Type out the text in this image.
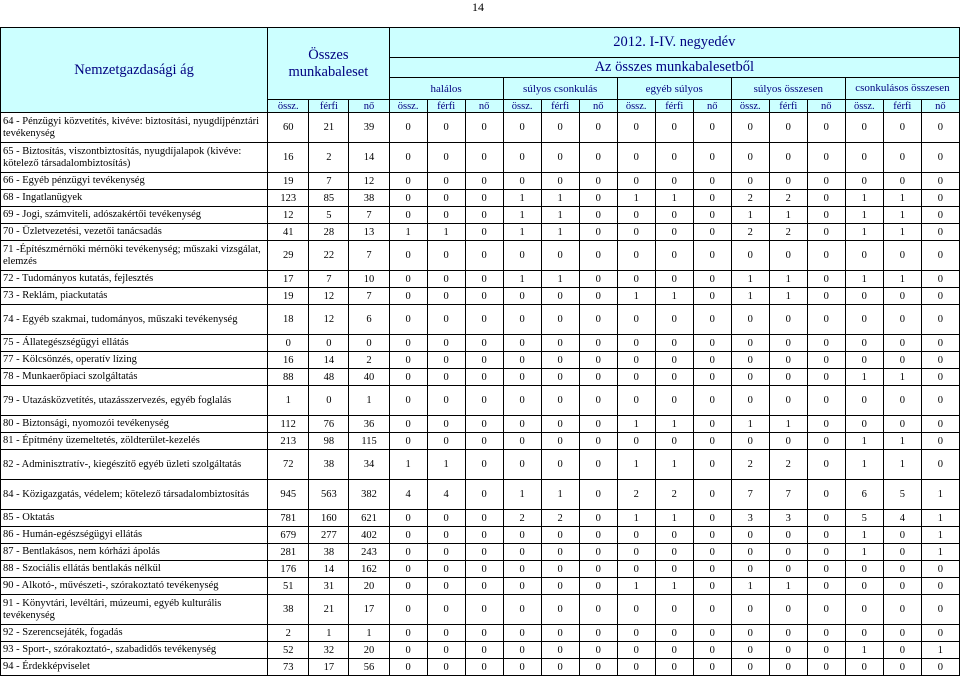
14
Nemzetgazdasági ág	Összes munkabaleset			2012. I-IV. negyedév														
				Az összes munkabalesetből														
				halálos			súlyos csonkulás			egyéb súlyos			súlyos összesen			csonkulásos összesen		
	össz.	férfi	nő	össz.	férfi	nő	össz.	férfi	nő	össz.	férfi	nő	össz.	férfi	nő	össz.	férfi	nő
64 - Pénzügyi közvetítés, kivéve: biztosítási, nyugdíjpénztári tevékenység	60	21	39	0	0	0	0	0	0	0	0	0	0	0	0	0	0	0
65 - Biztosítás, viszontbiztosítás, nyugdíjalapok (kivéve: kötelező társadalombiztosítás)	16	2	14	0	0	0	0	0	0	0	0	0	0	0	0	0	0	0
66 - Egyéb pénzügyi tevékenység	19	7	12	0	0	0	0	0	0	0	0	0	0	0	0	0	0	0
68 - Ingatlanügyek	123	85	38	0	0	0	1	1	0	1	1	0	2	2	0	1	1	0
69 - Jogi, számviteli, adószakértői tevékenység	12	5	7	0	0	0	1	1	0	0	0	0	1	1	0	1	1	0
70 - Üzletvezetési, vezetői tanácsadás	41	28	13	1	1	0	1	1	0	0	0	0	2	2	0	1	1	0
71 -Építészmérnöki mérnöki tevékenység; műszaki vizsgálat, elemzés	29	22	7	0	0	0	0	0	0	0	0	0	0	0	0	0	0	0
72 - Tudományos kutatás, fejlesztés	17	7	10	0	0	0	1	1	0	0	0	0	1	1	0	1	1	0
73 - Reklám, piackutatás	19	12	7	0	0	0	0	0	0	1	1	0	1	1	0	0	0	0
74 - Egyéb szakmai, tudományos, műszaki tevékenység	18	12	6	0	0	0	0	0	0	0	0	0	0	0	0	0	0	0
75 - Állategészségügyi ellátás	0	0	0	0	0	0	0	0	0	0	0	0	0	0	0	0	0	0
77 - Kölcsönzés, operatív lízing	16	14	2	0	0	0	0	0	0	0	0	0	0	0	0	0	0	0
78 - Munkaerőpiaci szolgáltatás	88	48	40	0	0	0	0	0	0	0	0	0	0	0	0	1	1	0
79 - Utazásközvetítés, utazásszervezés, egyéb foglalás	1	0	1	0	0	0	0	0	0	0	0	0	0	0	0	0	0	0
80 - Biztonsági, nyomozói tevékenység	112	76	36	0	0	0	0	0	0	1	1	0	1	1	0	0	0	0
81 - Építmény üzemeltetés, zöldterület-kezelés	213	98	115	0	0	0	0	0	0	0	0	0	0	0	0	1	1	0
82 - Adminisztratív-, kiegészítő egyéb üzleti szolgáltatás	72	38	34	1	1	0	0	0	0	1	1	0	2	2	0	1	1	0
84 - Közigazgatás, védelem; kötelező társadalombiztosítás	945	563	382	4	4	0	1	1	0	2	2	0	7	7	0	6	5	1
85 - Oktatás	781	160	621	0	0	0	2	2	0	1	1	0	3	3	0	5	4	1
86 - Humán-egészségügyi ellátás	679	277	402	0	0	0	0	0	0	0	0	0	0	0	0	1	0	1
87 - Bentlakásos, nem kórházi ápolás	281	38	243	0	0	0	0	0	0	0	0	0	0	0	0	1	0	1
88 - Szociális ellátás bentlakás nélkül	176	14	162	0	0	0	0	0	0	0	0	0	0	0	0	0	0	0
90 - Alkotó-, művészeti-, szórakoztató tevékenység	51	31	20	0	0	0	0	0	0	1	1	0	1	1	0	0	0	0
91 - Könyvtári, levéltári, múzeumi, egyéb kulturális tevékenység	38	21	17	0	0	0	0	0	0	0	0	0	0	0	0	0	0	0
92 - Szerencsejáték, fogadás	2	1	1	0	0	0	0	0	0	0	0	0	0	0	0	0	0	0
93 - Sport-, szórakoztató-, szabadidős tevékenység	52	32	20	0	0	0	0	0	0	0	0	0	0	0	0	1	0	1
94 - Érdekképviselet	73	17	56	0	0	0	0	0	0	0	0	0	0	0	0	0	0	0
